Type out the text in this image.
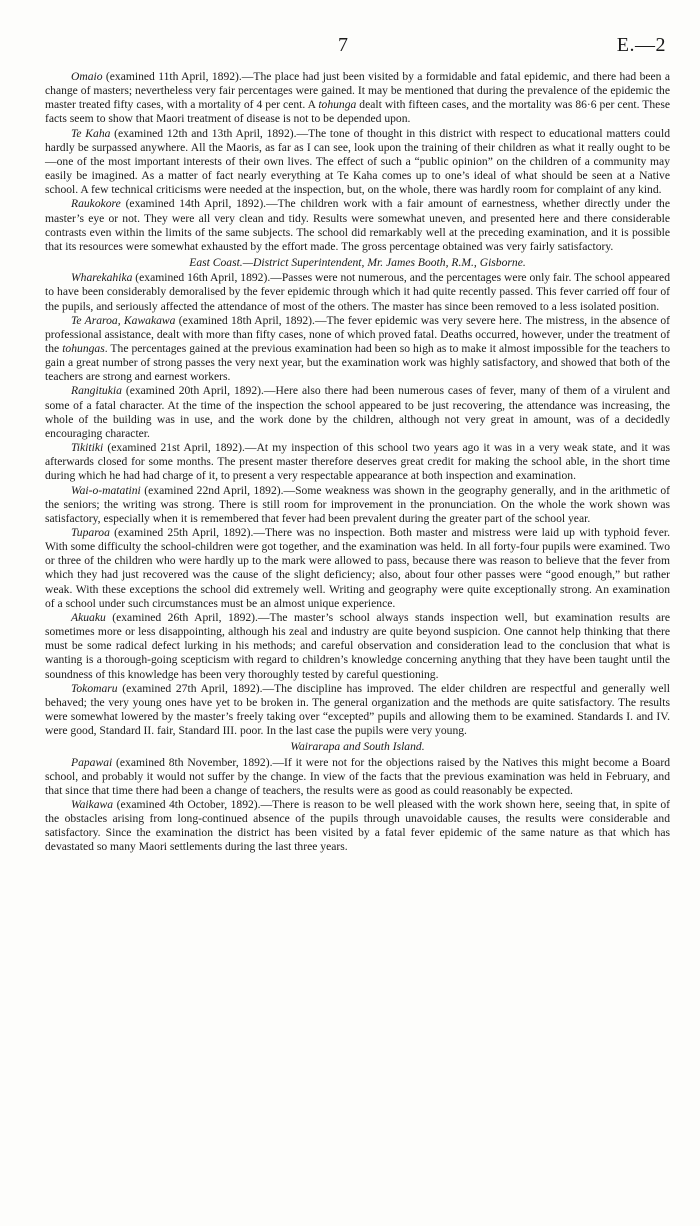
7	E.—2

Omaio (examined 11th April, 1892).—The place had just been visited by a formidable and fatal epidemic, and there had been a change of masters; nevertheless very fair percentages were gained. It may be mentioned that during the prevalence of the epidemic the master treated fifty cases, with a mortality of 4 per cent. A tohunga dealt with fifteen cases, and the mortality was 86·6 per cent. These facts seem to show that Maori treatment of disease is not to be depended upon.

Te Kaha (examined 12th and 13th April, 1892).—The tone of thought in this district with respect to educational matters could hardly be surpassed anywhere. All the Maoris, as far as I can see, look upon the training of their children as what it really ought to be—one of the most important interests of their own lives. The effect of such a “public opinion” on the children of a community may easily be imagined. As a matter of fact nearly everything at Te Kaha comes up to one’s ideal of what should be seen at a Native school. A few technical criticisms were needed at the inspection, but, on the whole, there was hardly room for complaint of any kind.

Raukokore (examined 14th April, 1892).—The children work with a fair amount of earnestness, whether directly under the master’s eye or not. They were all very clean and tidy. Results were somewhat uneven, and presented here and there considerable contrasts even within the limits of the same subjects. The school did remarkably well at the preceding examination, and it is possible that its resources were somewhat exhausted by the effort made. The gross percentage obtained was very fairly satisfactory.

East Coast.—District Superintendent, Mr. James Booth, R.M., Gisborne.

Wharekahika (examined 16th April, 1892).—Passes were not numerous, and the percentages were only fair. The school appeared to have been considerably demoralised by the fever epidemic through which it had quite recently passed. This fever carried off four of the pupils, and seriously affected the attendance of most of the others. The master has since been removed to a less isolated position.

Te Araroa, Kawakawa (examined 18th April, 1892).—The fever epidemic was very severe here. The mistress, in the absence of professional assistance, dealt with more than fifty cases, none of which proved fatal. Deaths occurred, however, under the treatment of the tohungas. The percentages gained at the previous examination had been so high as to make it almost impossible for the teachers to gain a great number of strong passes the very next year, but the examination work was highly satisfactory, and showed that both of the teachers are strong and earnest workers.

Rangitukia (examined 20th April, 1892).—Here also there had been numerous cases of fever, many of them of a virulent and some of a fatal character. At the time of the inspection the school appeared to be just recovering, the attendance was increasing, the whole of the building was in use, and the work done by the children, although not very great in amount, was of a decidedly encouraging character.

Tikitiki (examined 21st April, 1892).—At my inspection of this school two years ago it was in a very weak state, and it was afterwards closed for some months. The present master therefore deserves great credit for making the school able, in the short time during which he had had charge of it, to present a very respectable appearance at both inspection and examination.

Wai-o-matatini (examined 22nd April, 1892).—Some weakness was shown in the geography generally, and in the arithmetic of the seniors; the writing was strong. There is still room for improvement in the pronunciation. On the whole the work shown was satisfactory, especially when it is remembered that fever had been prevalent during the greater part of the school year.

Tuparoa (examined 25th April, 1892).—There was no inspection. Both master and mistress were laid up with typhoid fever. With some difficulty the school-children were got together, and the examination was held. In all forty-four pupils were examined. Two or three of the children who were hardly up to the mark were allowed to pass, because there was reason to believe that the fever from which they had just recovered was the cause of the slight deficiency; also, about four other passes were “good enough,” but rather weak. With these exceptions the school did extremely well. Writing and geography were quite exceptionally strong. An examination of a school under such circumstances must be an almost unique experience.

Akuaku (examined 26th April, 1892).—The master’s school always stands inspection well, but examination results are sometimes more or less disappointing, although his zeal and industry are quite beyond suspicion. One cannot help thinking that there must be some radical defect lurking in his methods; and careful observation and consideration lead to the conclusion that what is wanting is a thorough-going scepticism with regard to children’s knowledge concerning anything that they have been taught until the soundness of this knowledge has been very thoroughly tested by careful questioning.

Tokomaru (examined 27th April, 1892).—The discipline has improved. The elder children are respectful and generally well behaved; the very young ones have yet to be broken in. The general organization and the methods are quite satisfactory. The results were somewhat lowered by the master’s freely taking over “excepted” pupils and allowing them to be examined. Standards I. and IV. were good, Standard II. fair, Standard III. poor. In the last case the pupils were very young.

Wairarapa and South Island.

Papawai (examined 8th November, 1892).—If it were not for the objections raised by the Natives this might become a Board school, and probably it would not suffer by the change. In view of the facts that the previous examination was held in February, and that since that time there had been a change of teachers, the results were as good as could reasonably be expected.

Waikawa (examined 4th October, 1892).—There is reason to be well pleased with the work shown here, seeing that, in spite of the obstacles arising from long-continued absence of the pupils through unavoidable causes, the results were considerable and satisfactory. Since the examination the district has been visited by a fatal fever epidemic of the same nature as that which has devastated so many Maori settlements during the last three years.
